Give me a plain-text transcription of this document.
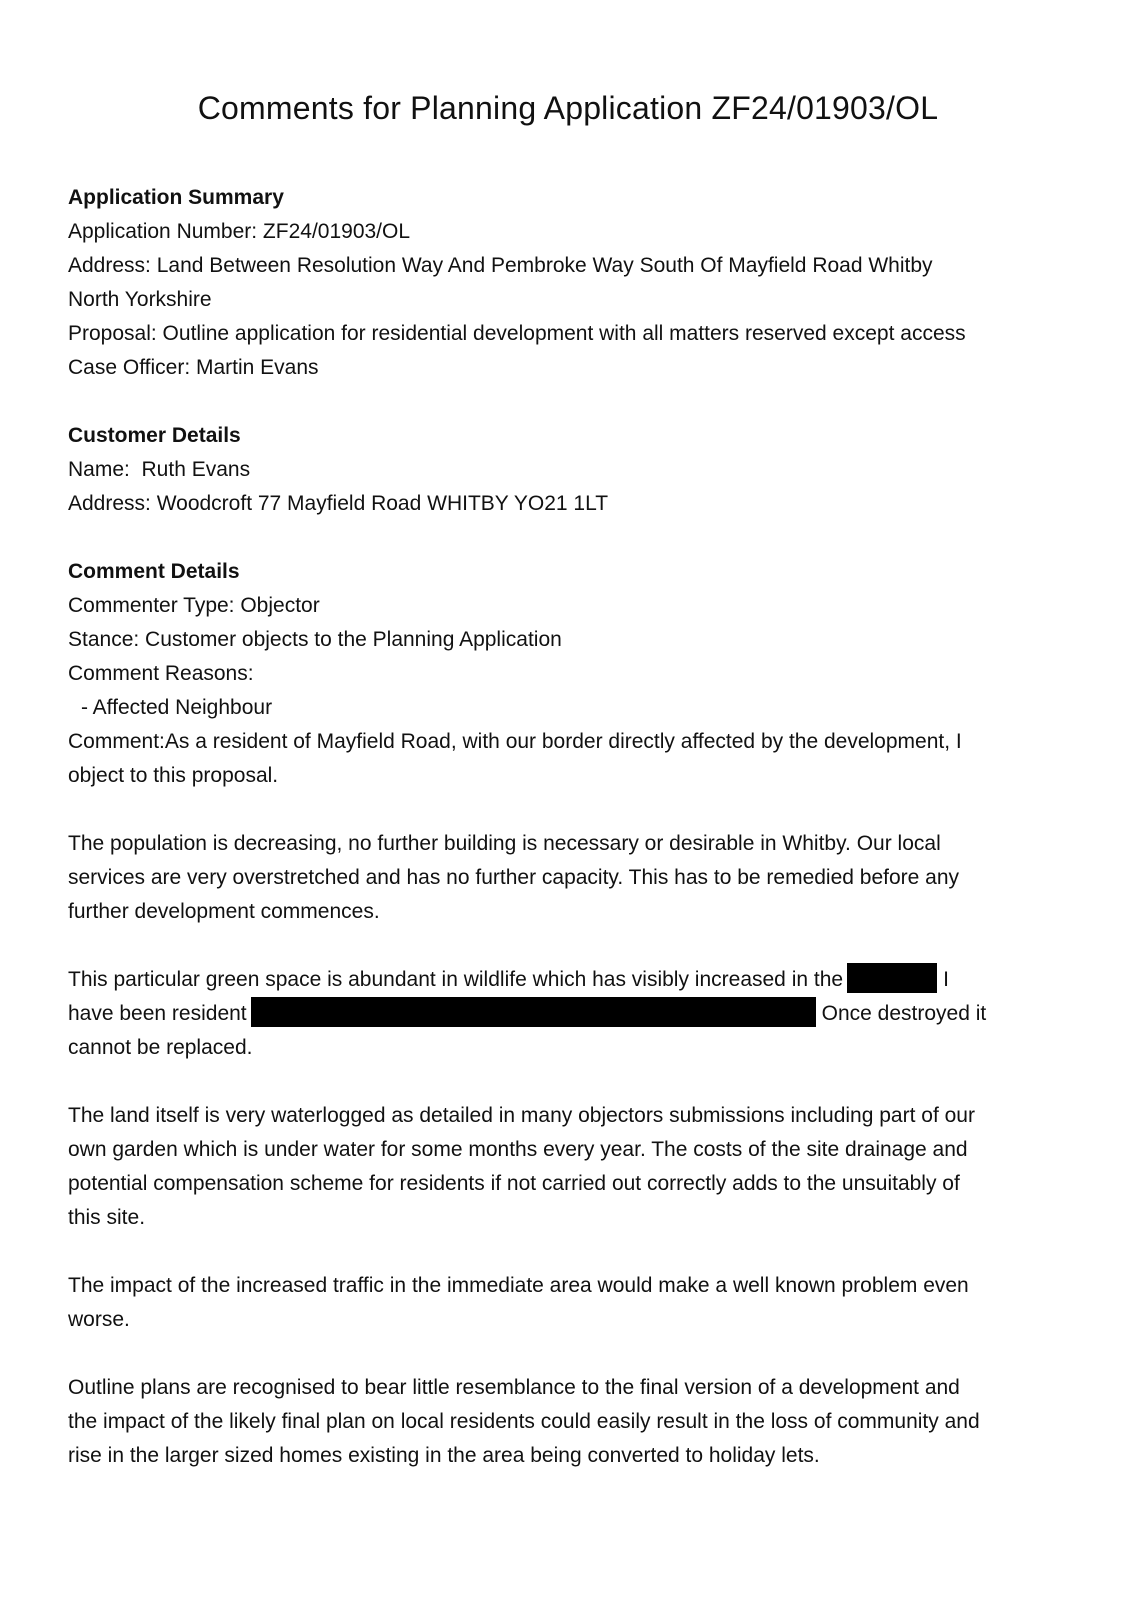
Comments for Planning Application ZF24/01903/OL

Application Summary

Application Number: ZF24/01903/OL

Address: Land Between Resolution Way And Pembroke Way South Of Mayfield Road Whitby

North Yorkshire

Proposal: Outline application for residential development with all matters reserved except access

Case Officer: Martin Evans

Customer Details

Name:  Ruth Evans

Address: Woodcroft 77 Mayfield Road WHITBY YO21 1LT

Comment Details

Commenter Type: Objector

Stance: Customer objects to the Planning Application

Comment Reasons:

- Affected Neighbour

Comment:As a resident of Mayfield Road, with our border directly affected by the development, I

object to this proposal.

The population is decreasing, no further building is necessary or desirable in Whitby. Our local

services are very overstretched and has no further capacity. This has to be remedied before any

further development commences.

This particular green space is abundant in wildlife which has visibly increased in the	I

have been resident	Once destroyed it

cannot be replaced.

The land itself is very waterlogged as detailed in many objectors submissions including part of our

own garden which is under water for some months every year. The costs of the site drainage and

potential compensation scheme for residents if not carried out correctly adds to the unsuitably of

this site.

The impact of the increased traffic in the immediate area would make a well known problem even

worse.

Outline plans are recognised to bear little resemblance to the final version of a development and

the impact of the likely final plan on local residents could easily result in the loss of community and

rise in the larger sized homes existing in the area being converted to holiday lets.
